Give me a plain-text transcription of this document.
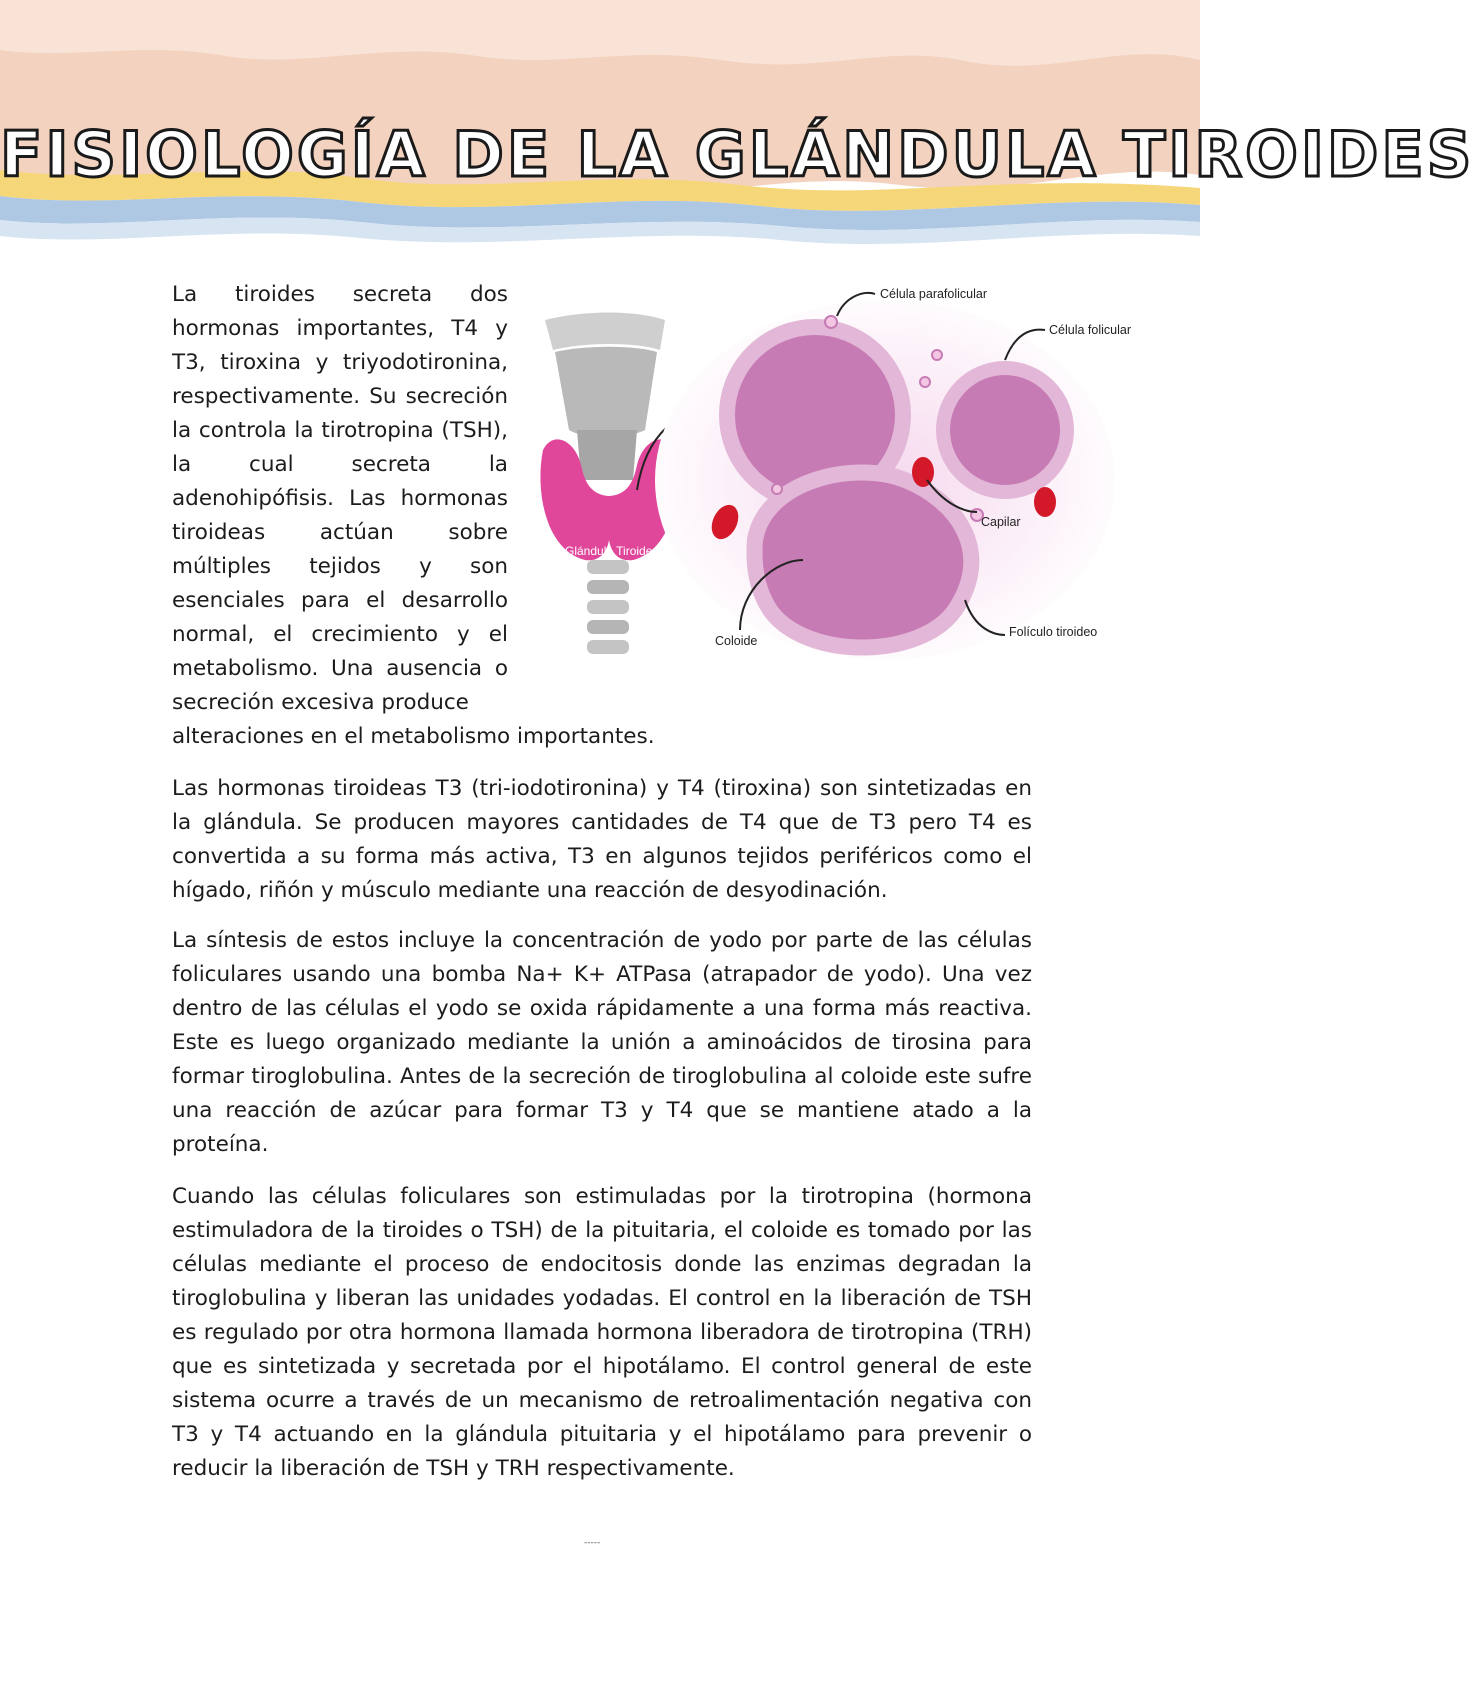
FISIOLOGÍA DE LA GLÁNDULA TIROIDES

La tiroides secreta dos hormonas importantes, T4 y T3, tiroxina y triyodotironina, respectivamente. Su secreción la controla la tirotropina (TSH), la cual secreta la adenohipófisis. Las hormonas tiroideas actúan sobre múltiples tejidos y son esenciales para el desarrollo normal, el crecimiento y el metabolismo. Una ausencia o secreción excesiva produce

alteraciones en el metabolismo importantes.

Glándula Tiroides
Célula parafolicular
Célula folicular
Capilar
Coloide
Folículo tiroideo

Las hormonas tiroideas T3 (tri-iodotironina) y T4 (tiroxina) son sintetizadas en la glándula. Se producen mayores cantidades de T4 que de T3 pero T4 es convertida a su forma más activa, T3 en algunos tejidos periféricos como el hígado, riñón y músculo mediante una reacción de desyodinación.

La síntesis de estos incluye la concentración de yodo por parte de las células foliculares usando una bomba Na+ K+ ATPasa (atrapador de yodo). Una vez dentro de las células el yodo se oxida rápidamente a una forma más reactiva. Este es luego organizado mediante la unión a aminoácidos de tirosina para formar tiroglobulina. Antes de la secreción de tiroglobulina al coloide este sufre una reacción de azúcar para formar T3 y T4 que se mantiene atado a la proteína.

Cuando las células foliculares son estimuladas por la tirotropina (hormona estimuladora de la tiroides o TSH) de la pituitaria, el coloide es tomado por las células mediante el proceso de endocitosis donde las enzimas degradan la tiroglobulina y liberan las unidades yodadas. El control en la liberación de TSH es regulado por otra hormona llamada hormona liberadora de tirotropina (TRH) que es sintetizada y secretada por el hipotálamo. El control general de este sistema ocurre a través de un mecanismo de retroalimentación negativa con T3 y T4 actuando en la glándula pituitaria y el hipotálamo para prevenir o reducir la liberación de TSH y TRH respectivamente.

-----
